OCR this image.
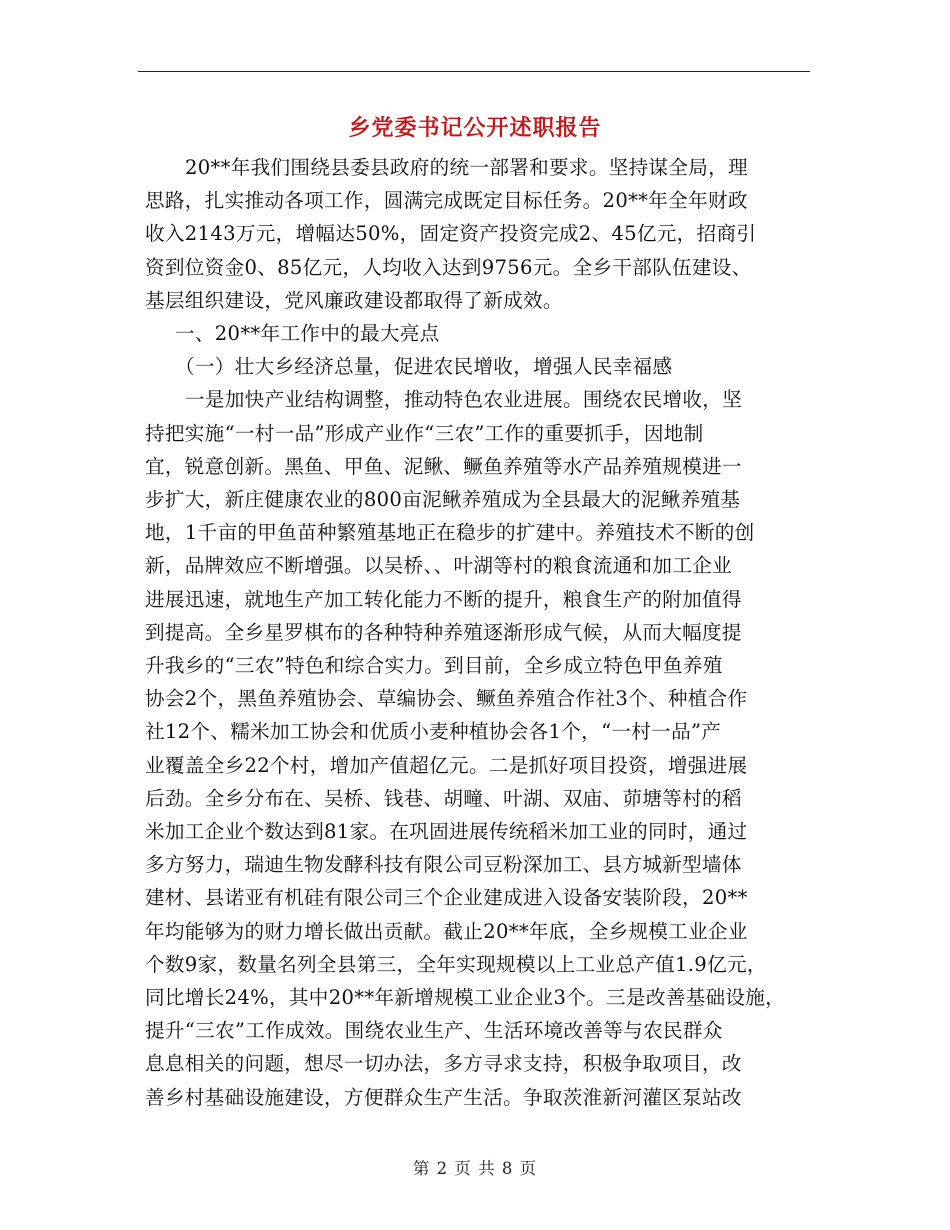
乡党委书记公开述职报告
20**年我们围绕县委县政府的统一部署和要求。坚持谋全局，理
思路，扎实推动各项工作，圆满完成既定目标任务。20**年全年财政
收入2143万元，增幅达50%，固定资产投资完成2、45亿元，招商引
资到位资金0、85亿元，人均收入达到9756元。全乡干部队伍建设、
基层组织建设，党风廉政建设都取得了新成效。
一、20**年工作中的最大亮点
（一）壮大乡经济总量，促进农民增收，增强人民幸福感
一是加快产业结构调整，推动特色农业进展。围绕农民增收，坚
持把实施“一村一品”形成产业作“三农”工作的重要抓手，因地制
宜，锐意创新。黑鱼、甲鱼、泥鳅、鳜鱼养殖等水产品养殖规模进一
步扩大，新庄健康农业的800亩泥鳅养殖成为全县最大的泥鳅养殖基
地，1千亩的甲鱼苗种繁殖基地正在稳步的扩建中。养殖技术不断的创
新，品牌效应不断增强。以吴桥、、叶湖等村的粮食流通和加工企业
进展迅速，就地生产加工转化能力不断的提升，粮食生产的附加值得
到提高。全乡星罗棋布的各种特种养殖逐渐形成气候，从而大幅度提
升我乡的“三农”特色和综合实力。到目前，全乡成立特色甲鱼养殖
协会2个，黑鱼养殖协会、草编协会、鳜鱼养殖合作社3个、种植合作
社12个、糯米加工协会和优质小麦种植协会各1个，“一村一品”产
业覆盖全乡22个村，增加产值超亿元。二是抓好项目投资，增强进展
后劲。全乡分布在、吴桥、钱巷、胡疃、叶湖、双庙、茆塘等村的稻
米加工企业个数达到81家。在巩固进展传统稻米加工业的同时，通过
多方努力，瑞迪生物发酵科技有限公司豆粉深加工、县方城新型墙体
建材、县诺亚有机硅有限公司三个企业建成进入设备安装阶段，20**
年均能够为的财力增长做出贡献。截止20**年底，全乡规模工业企业
个数9家，数量名列全县第三，全年实现规模以上工业总产值1.9亿元，
同比增长24%，其中20**年新增规模工业企业3个。三是改善基础设施，
提升“三农”工作成效。围绕农业生产、生活环境改善等与农民群众
息息相关的问题，想尽一切办法，多方寻求支持，积极争取项目，改
善乡村基础设施建设，方便群众生产生活。争取茨淮新河灌区泵站改
第 2 页 共 8 页
